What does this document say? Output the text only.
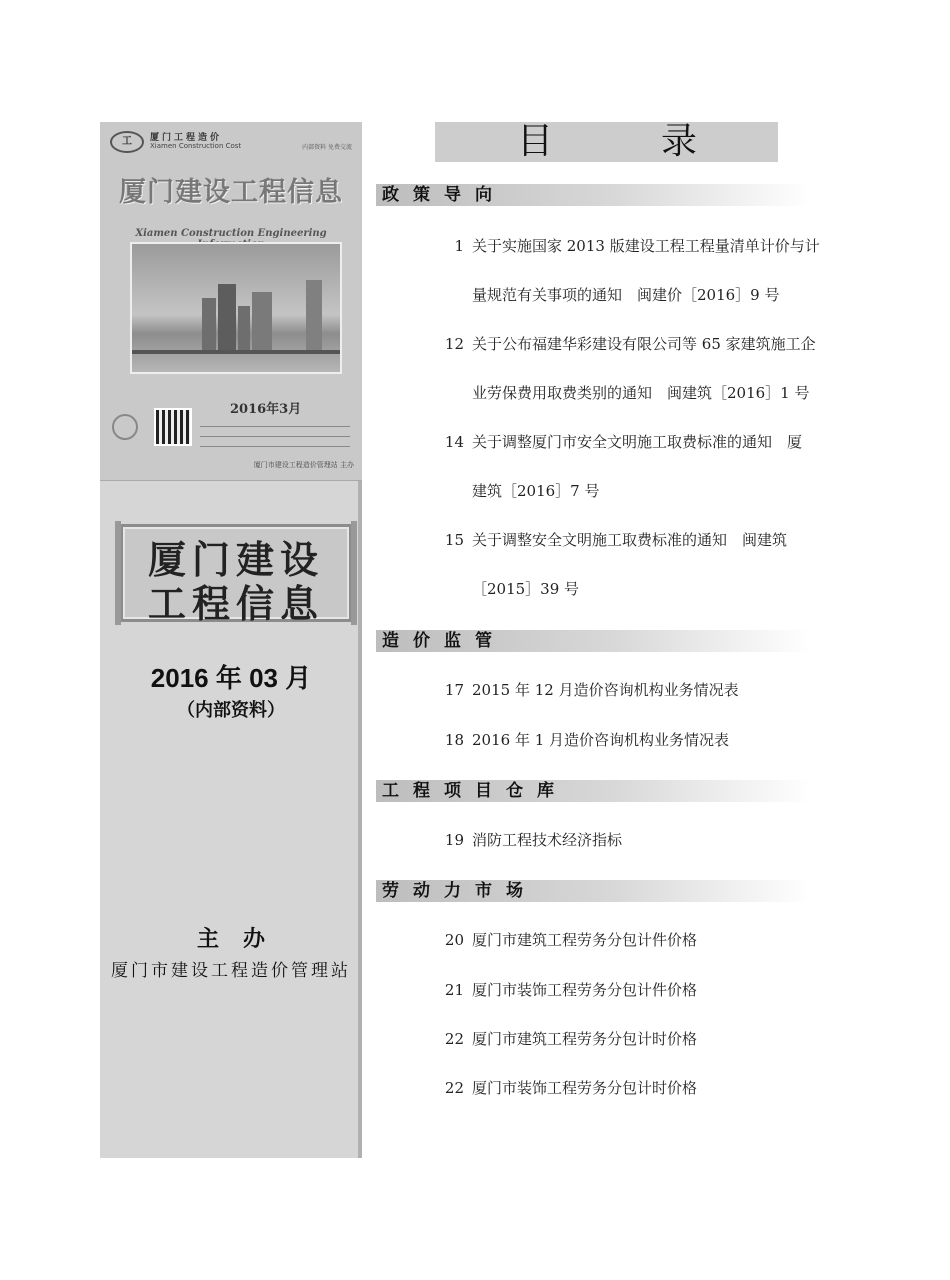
工	厦门工程造价
Xiamen Construction Cost	内部资料 免费交流
厦门建设工程信息
Xiamen Construction Engineering
2016年3月
厦门市建设工程造价管理站 主办
厦门建设
工程信息
2016 年 03 月
（内部资料）
主办
厦门市建设工程造价管理站
目	录
政策导向
1 关于实施国家 2013 版建设工程工程量清单计价与计
量规范有关事项的通知　闽建价［2016］9 号
12 关于公布福建华彩建设有限公司等 65 家建筑施工企
业劳保费用取费类别的通知　闽建筑［2016］1 号
14 关于调整厦门市安全文明施工取费标准的通知　厦
建筑［2016］7 号
15 关于调整安全文明施工取费标准的通知　闽建筑
［2015］39 号
造价监管
17 2015 年 12 月造价咨询机构业务情况表
18 2016 年 1 月造价咨询机构业务情况表
工程项目仓库
19 消防工程技术经济指标
劳动力市场
20 厦门市建筑工程劳务分包计件价格
21 厦门市装饰工程劳务分包计件价格
22 厦门市建筑工程劳务分包计时价格
22 厦门市装饰工程劳务分包计时价格
